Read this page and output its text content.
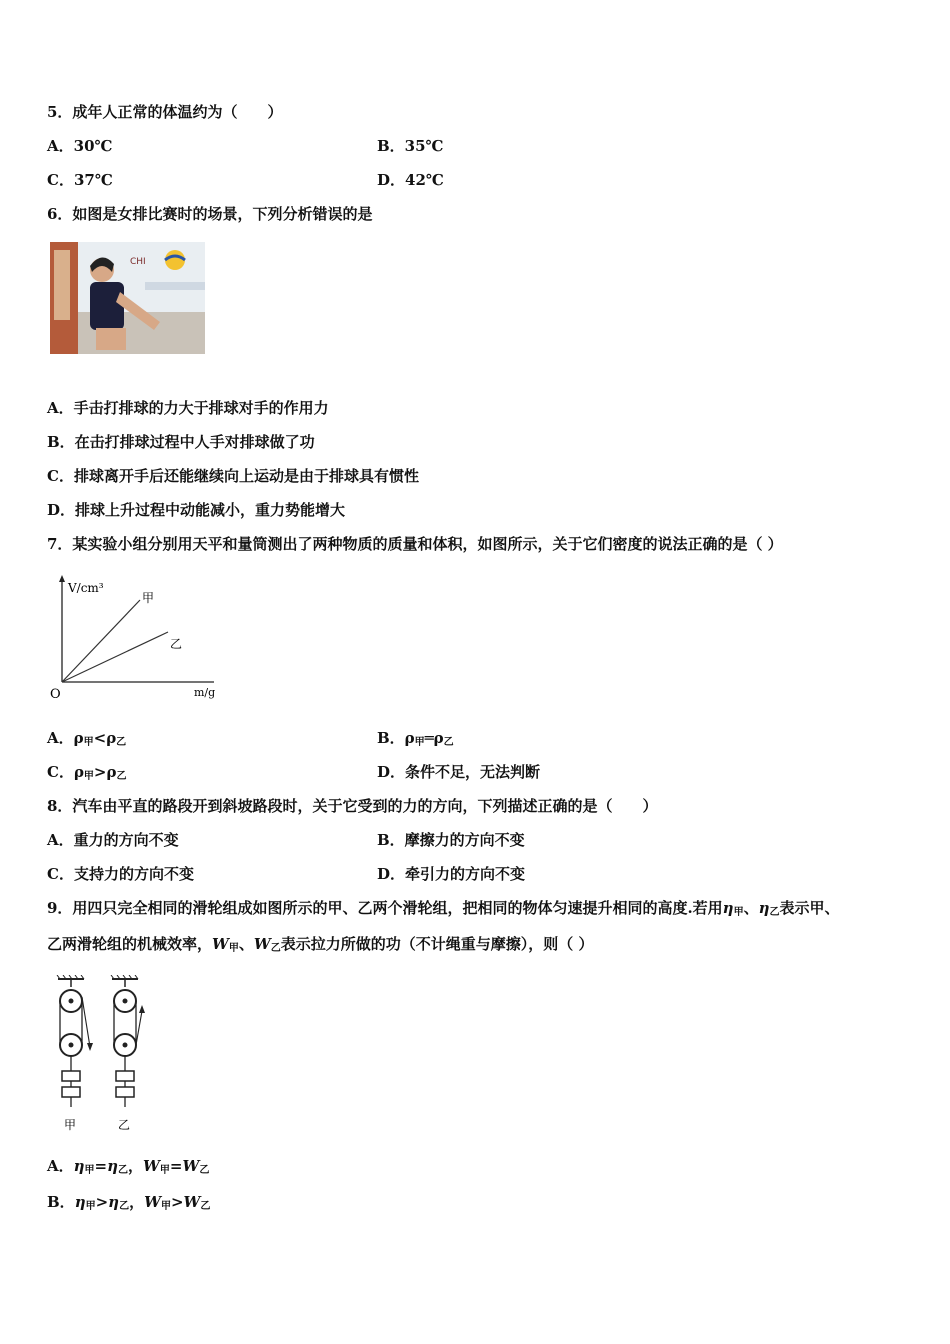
5．成年人正常的体温约为（　　）
A．30℃	B．35℃
C．37℃	D．42℃
6．如图是女排比赛时的场景，下列分析错误的是
CHI
A．手击打排球的力大于排球对手的作用力
B．在击打排球过程中人手对排球做了功
C．排球离开手后还能继续向上运动是由于排球具有惯性
D．排球上升过程中动能减小，重力势能增大
7．某实验小组分别用天平和量筒测出了两种物质的质量和体积，如图所示，关于它们密度的说法正确的是（ ）
V/cm³
m/g
O
甲
乙
A．$\rho_甲<\rho_乙$	B．$\rho_甲═\rho_乙$
C．$\rho_甲>\rho_乙$	D．条件不足，无法判断
8．汽车由平直的路段开到斜坡路段时，关于它受到的力的方向，下列描述正确的是（　　）
A．重力的方向不变	B．摩擦力的方向不变
C．支持力的方向不变	D．牵引力的方向不变
9．用四只完全相同的滑轮组成如图所示的甲、乙两个滑轮组，把相同的物体匀速提升相同的高度.若用$\eta_甲$、$\eta_乙$表示甲、
乙两滑轮组的机械效率，$W_甲$、$W_乙$表示拉力所做的功（不计绳重与摩擦），则（ ）
甲	乙
A．$\eta_甲=\eta_乙$，$W_甲=W_乙$
B．$\eta_甲>\eta_乙$，$W_甲>W_乙$
